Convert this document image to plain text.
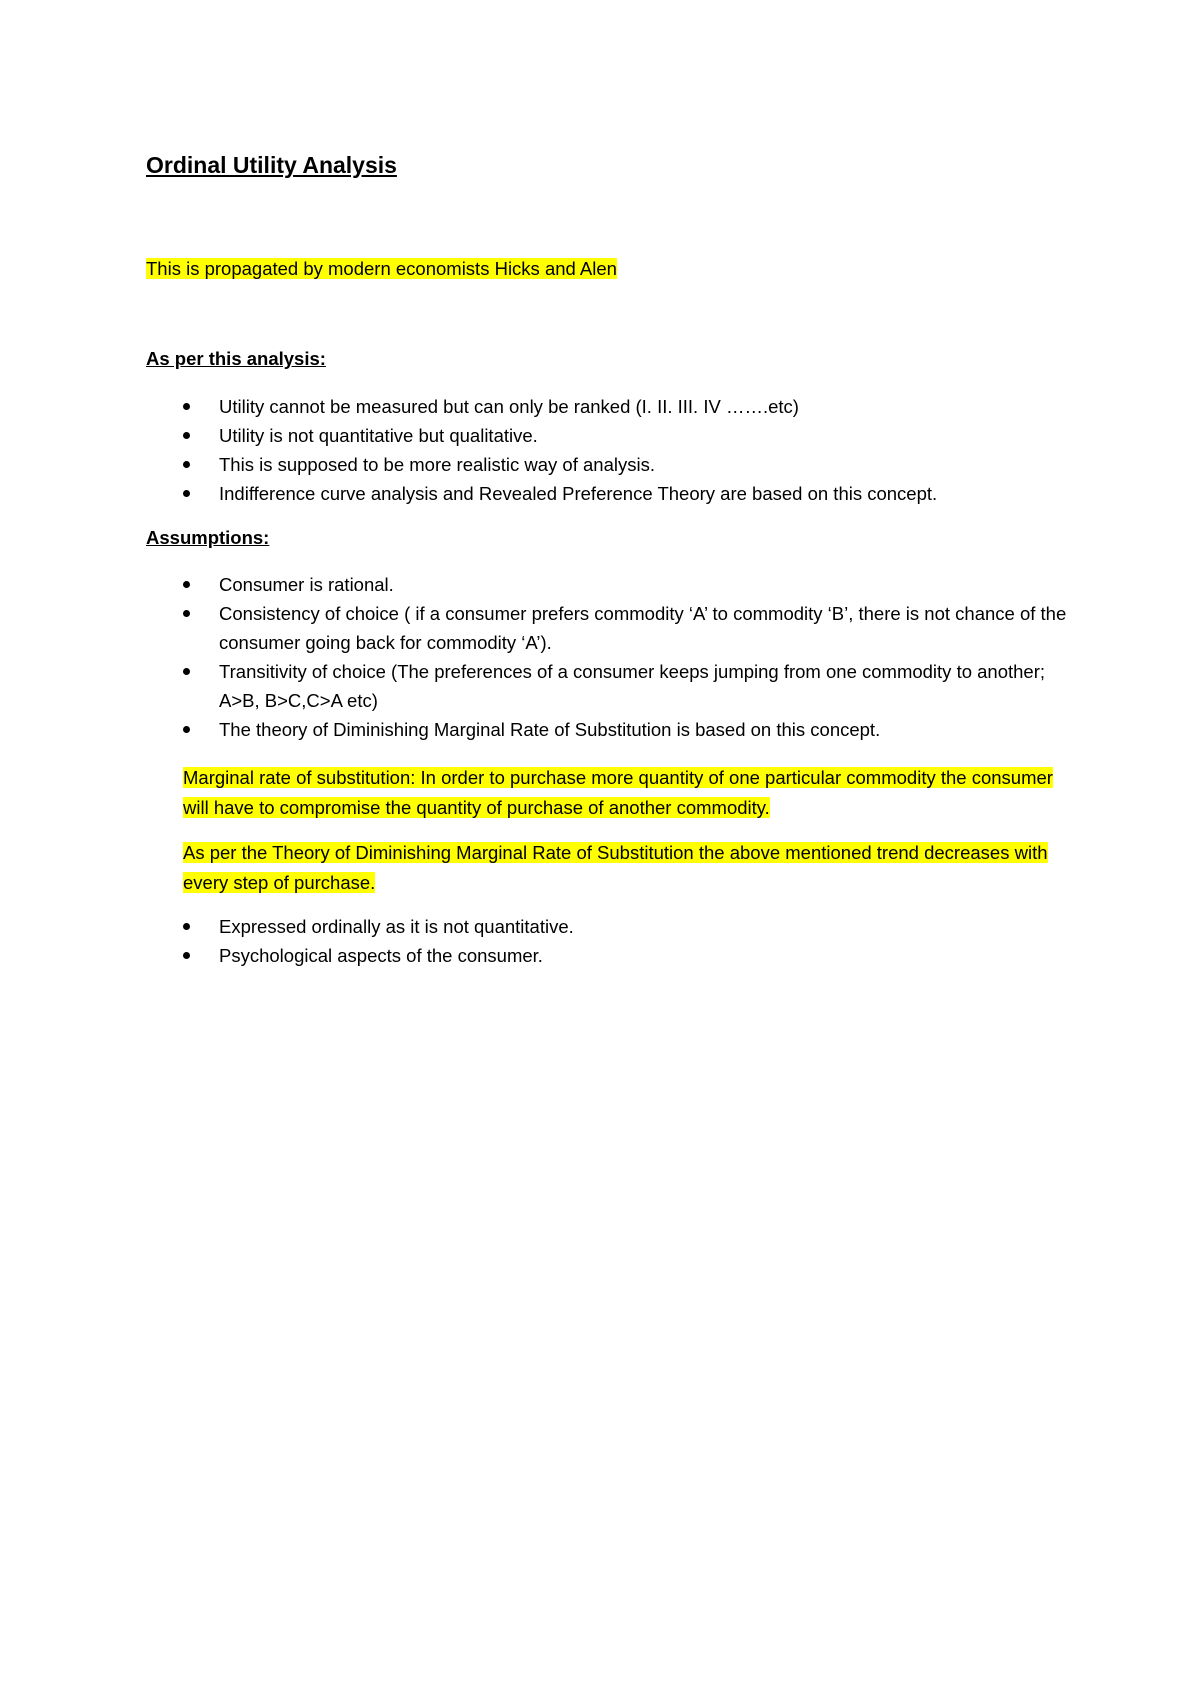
Ordinal Utility Analysis

This is propagated by modern economists Hicks and Alen

As per this analysis:

Utility cannot be measured but can only be ranked (I. II. III. IV …….etc)
Utility is not quantitative but qualitative.
This is supposed to be more realistic way of analysis.
Indifference curve analysis and Revealed Preference Theory are based on this concept.

Assumptions:

Consumer is rational.
Consistency of choice ( if a consumer prefers commodity ‘A’ to commodity ‘B’, there is not chance of the consumer going back for commodity ‘A’).
Transitivity of choice (The preferences of a consumer keeps jumping from one commodity to another; A>B, B>C,C>A etc)
The theory of Diminishing Marginal Rate of Substitution is based on this concept.

Marginal rate of substitution: In order to purchase more quantity of one particular commodity the consumer will have to compromise the quantity of purchase of another commodity.

As per the Theory of Diminishing Marginal Rate of Substitution the above mentioned trend decreases with every step of purchase.

Expressed ordinally as it is not quantitative.
Psychological aspects of the consumer.
